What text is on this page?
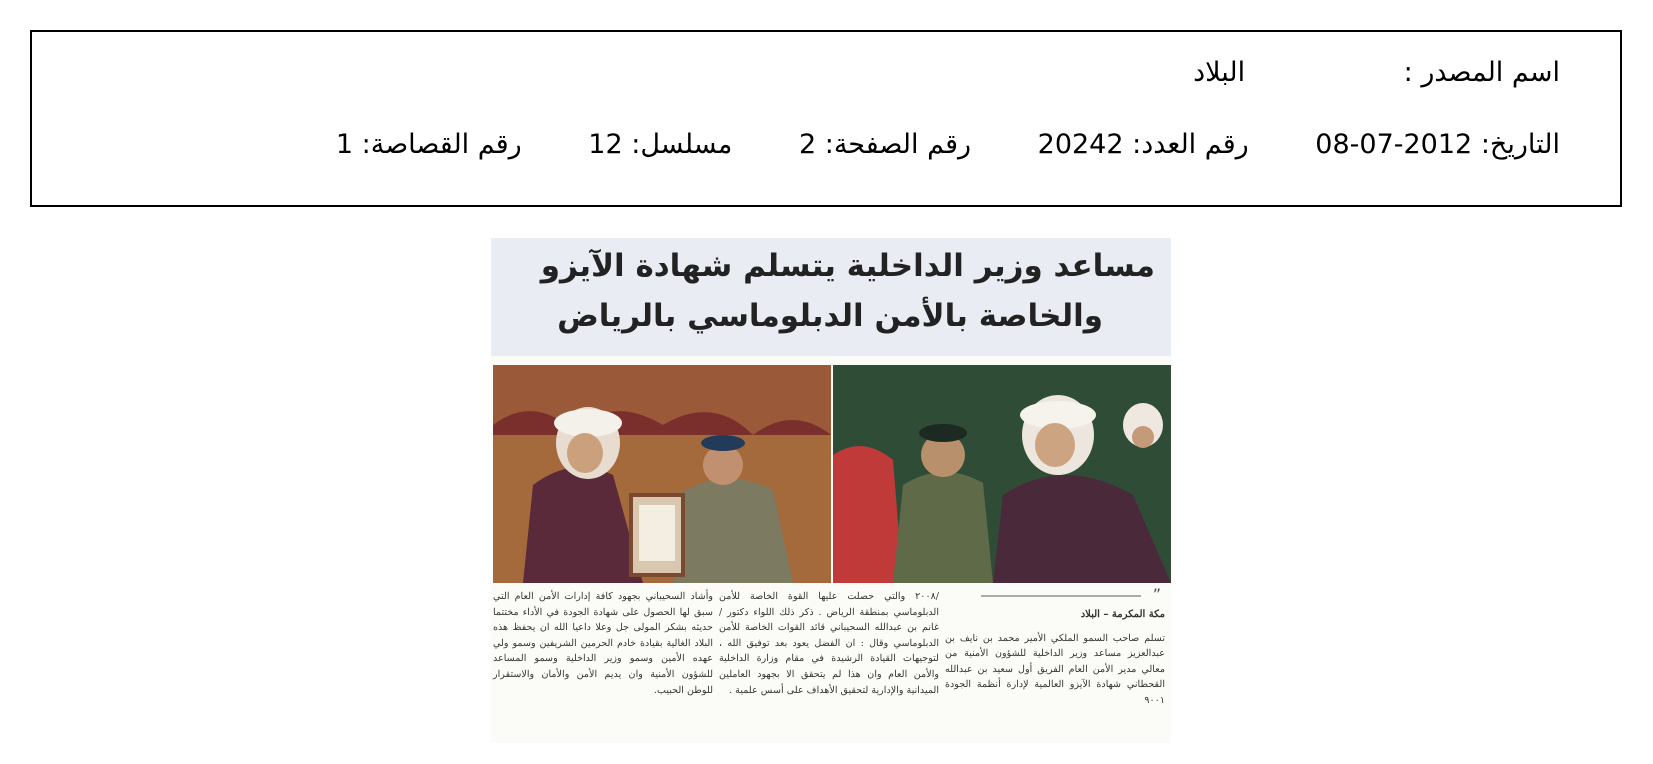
اسم المصدر : البلاد
التاريخ: 2012-07-08 رقم العدد: 20242 رقم الصفحة: 2 مسلسل: 12 رقم القصاصة: 1
مساعد وزير الداخلية يتسلم شهادة الآيزو
والخاصة بالأمن الدبلوماسي بالرياض
”
مكة المكرمة – البلاد
تسلم صاحب السمو الملكي الأمير محمد بن نايف بن عبدالعزيز مساعد وزير الداخلية للشؤون الأمنية من معالي مدير الأمن العام الفريق أول سعيد بن عبدالله القحطاني شهادة الآيزو العالمية لإدارة أنظمة الجودة ٩٠٠١
/٢٠٠٨ والتي حصلت عليها القوة الخاصة للأمن الدبلوماسي بمنطقة الرياض . ذكر ذلك اللواء دكتور / غانم بن عبدالله السحيباني قائد القوات الخاصة للأمن الدبلوماسي وقال : ان الفضل يعود بعد توفيق الله ، لتوجيهات القيادة الرشيدة في مقام وزارة الداخلية والأمن العام وان هذا لم يتحقق الا بجهود العاملين الميدانية والإدارية لتحقيق الأهداف على أسس علمية .
وأشاد السحيباني بجهود كافة إدارات الأمن العام التي سبق لها الحصول على شهادة الجودة في الأداء مختتما حديثه بشكر المولى جل وعلا داعيا الله ان يحفظ هذه البلاد الغالية بقيادة خادم الحرمين الشريفين وسمو ولي عهده الأمين وسمو وزير الداخلية وسمو المساعد للشؤون الأمنية وان يديم الأمن والأمان والاستقرار للوطن الحبيب.
